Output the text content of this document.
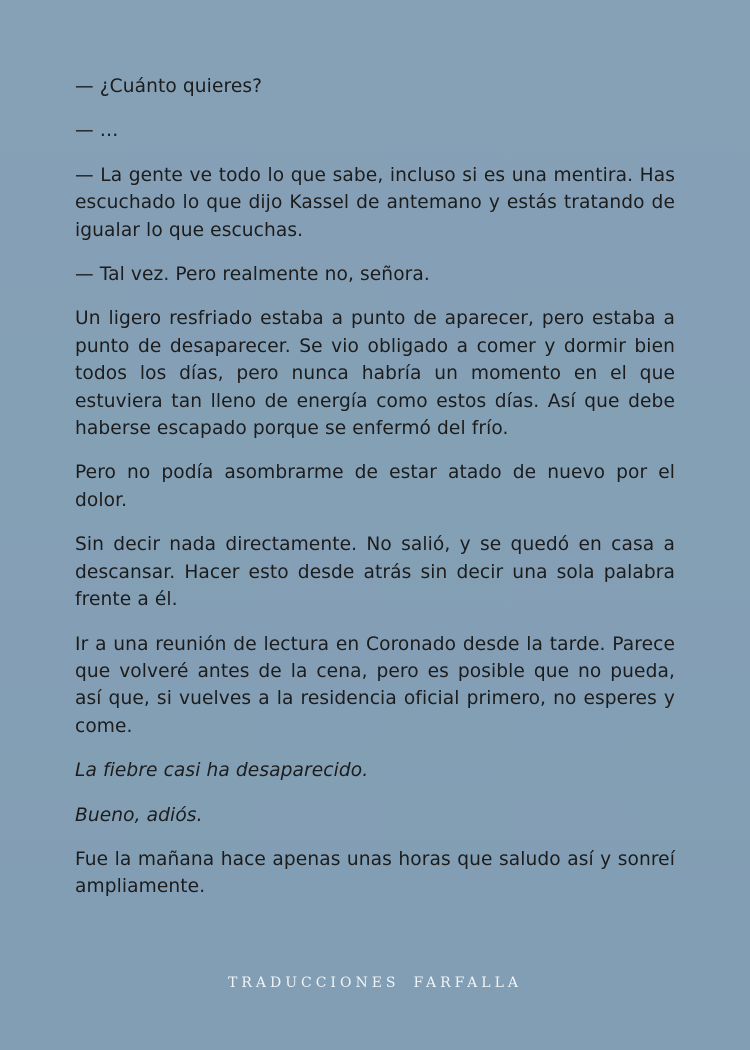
— ¿Cuánto quieres?

— …

— La gente ve todo lo que sabe, incluso si es una mentira. Has escuchado lo que dijo Kassel de antemano y estás tratando de igualar lo que escuchas.

— Tal vez. Pero realmente no, señora.

Un ligero resfriado estaba a punto de aparecer, pero estaba a punto de desaparecer. Se vio obligado a comer y dormir bien todos los días, pero nunca habría un momento en el que estuviera tan lleno de energía como estos días. Así que debe haberse escapado porque se enfermó del frío.

Pero no podía asombrarme de estar atado de nuevo por el dolor.

Sin decir nada directamente. No salió, y se quedó en casa a descansar. Hacer esto desde atrás sin decir una sola palabra frente a él.

Ir a una reunión de lectura en Coronado desde la tarde. Parece que volveré antes de la cena, pero es posible que no pueda, así que, si vuelves a la residencia oficial primero, no esperes y come.

La fiebre casi ha desaparecido.

Bueno, adiós.

Fue la mañana hace apenas unas horas que saludo así y sonreí ampliamente.

TRADUCCIONES FARFALLA
